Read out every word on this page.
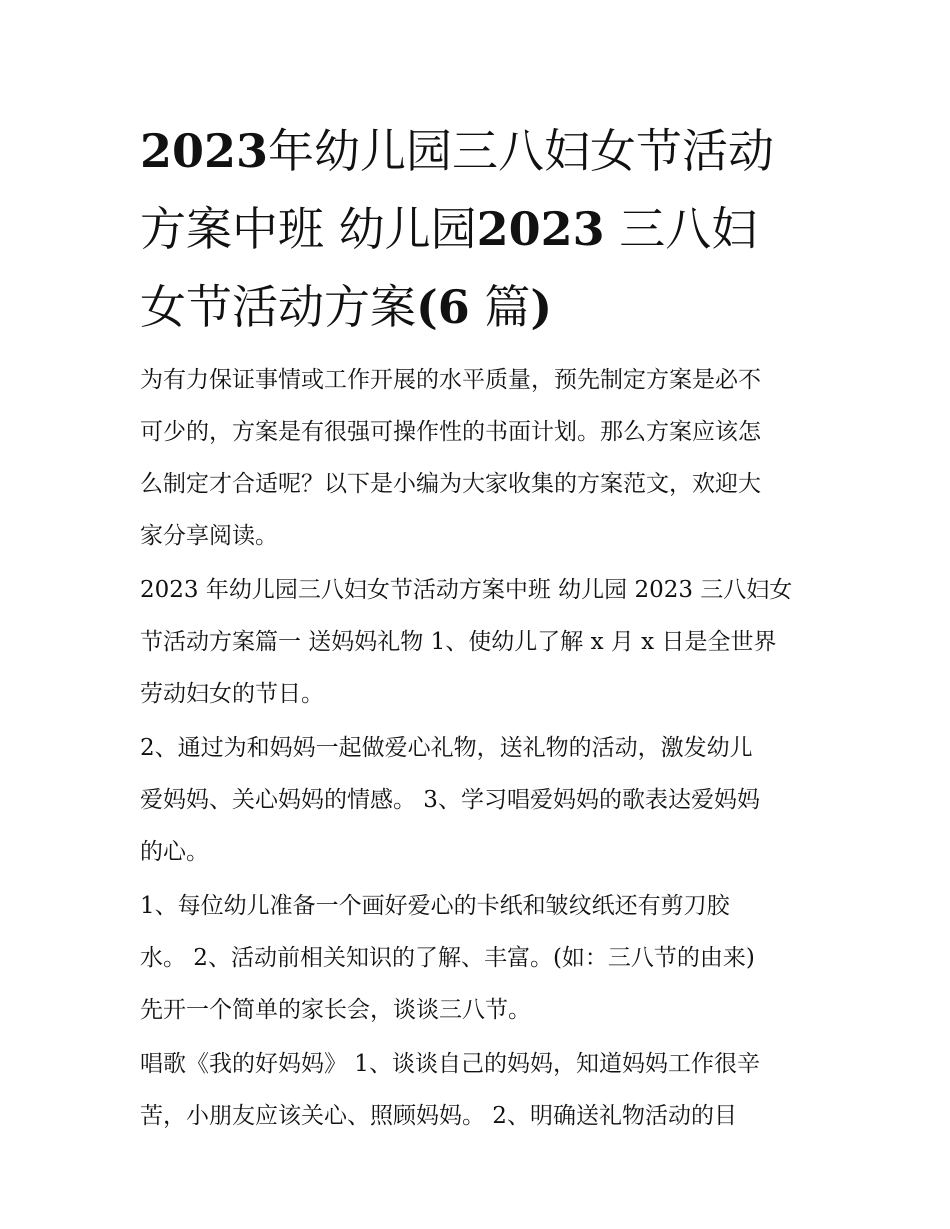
2023年幼儿园三八妇女节活动
方案中班 幼儿园2023 三八妇
女节活动方案(6 篇)

为有力保证事情或工作开展的水平质量，预先制定方案是必不
可少的，方案是有很强可操作性的书面计划。那么方案应该怎
么制定才合适呢？以下是小编为大家收集的方案范文，欢迎大
家分享阅读。

2023 年幼儿园三八妇女节活动方案中班 幼儿园 2023 三八妇女
节活动方案篇一 送妈妈礼物 1、使幼儿了解 x 月 x 日是全世界
劳动妇女的节日。

2、通过为和妈妈一起做爱心礼物，送礼物的活动，激发幼儿
爱妈妈、关心妈妈的情感。 3、学习唱爱妈妈的歌表达爱妈妈
的心。

1、每位幼儿准备一个画好爱心的卡纸和皱纹纸还有剪刀胶
水。 2、活动前相关知识的了解、丰富。(如：三八节的由来)
先开一个简单的家长会，谈谈三八节。

唱歌《我的好妈妈》 1、谈谈自己的妈妈，知道妈妈工作很辛
苦，小朋友应该关心、照顾妈妈。 2、明确送礼物活动的目
